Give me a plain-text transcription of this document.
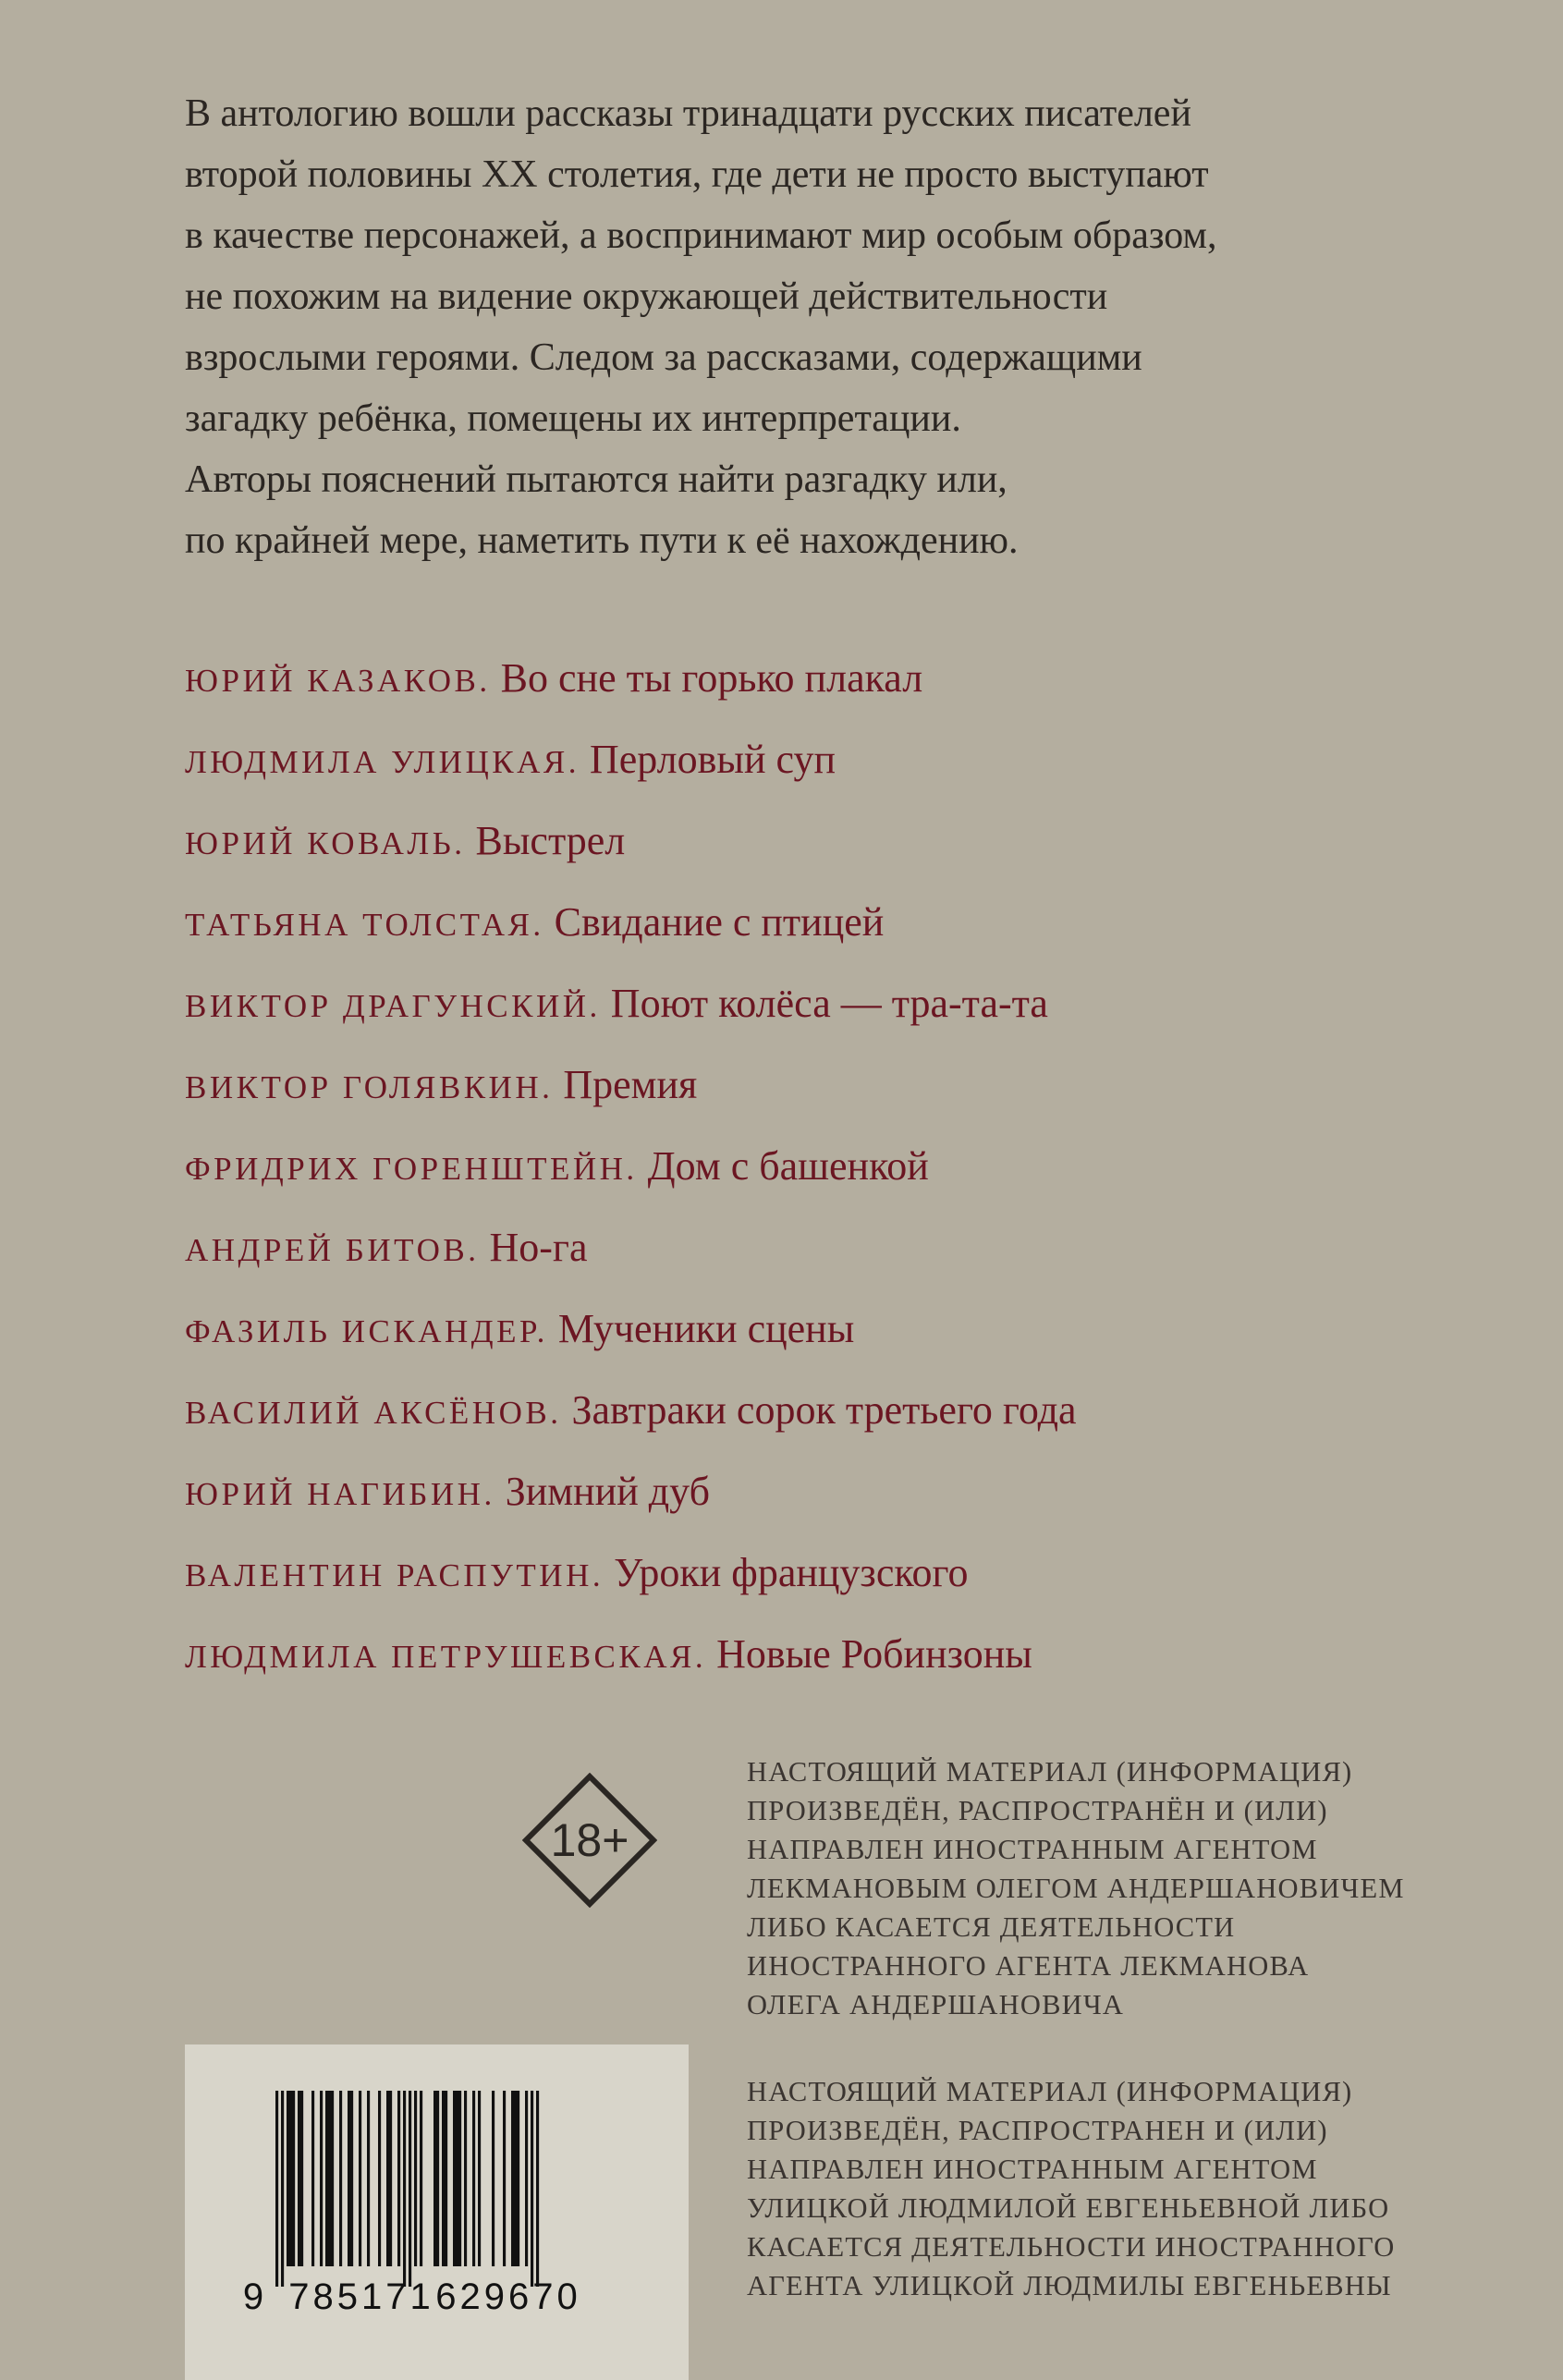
В антологию вошли рассказы тринадцати русских писателей
второй половины XX столетия, где дети не просто выступают
в качестве персонажей, а воспринимают мир особым образом,
не похожим на видение окружающей действительности
взрослыми героями. Следом за рассказами, содержащими
загадку ребёнка, помещены их интерпретации.
Авторы пояснений пытаются найти разгадку или,
по крайней мере, наметить пути к её нахождению.
ЮРИЙ КАЗАКОВ. Во сне ты горько плакал
ЛЮДМИЛА УЛИЦКАЯ. Перловый суп
ЮРИЙ КОВАЛЬ. Выстрел
ТАТЬЯНА ТОЛСТАЯ. Свидание с птицей
ВИКТОР ДРАГУНСКИЙ. Поют колёса — тра-та-та
ВИКТОР ГОЛЯВКИН. Премия
ФРИДРИХ ГОРЕНШТЕЙН. Дом с башенкой
АНДРЕЙ БИТОВ. Но-га
ФАЗИЛЬ ИСКАНДЕР. Мученики сцены
ВАСИЛИЙ АКСЁНОВ. Завтраки сорок третьего года
ЮРИЙ НАГИБИН. Зимний дуб
ВАЛЕНТИН РАСПУТИН. Уроки французского
ЛЮДМИЛА ПЕТРУШЕВСКАЯ. Новые Робинзоны
18+
НАСТОЯЩИЙ МАТЕРИАЛ (ИНФОРМАЦИЯ)
ПРОИЗВЕДЁН, РАСПРОСТРАНЁН И (ИЛИ)
НАПРАВЛЕН ИНОСТРАННЫМ АГЕНТОМ
ЛЕКМАНОВЫМ ОЛЕГОМ АНДЕРШАНОВИЧЕМ
ЛИБО КАСАЕТСЯ ДЕЯТЕЛЬНОСТИ
ИНОСТРАННОГО АГЕНТА ЛЕКМАНОВА
ОЛЕГА АНДЕРШАНОВИЧА
НАСТОЯЩИЙ МАТЕРИАЛ (ИНФОРМАЦИЯ)
ПРОИЗВЕДЁН, РАСПРОСТРАНЕН И (ИЛИ)
НАПРАВЛЕН ИНОСТРАННЫМ АГЕНТОМ
УЛИЦКОЙ ЛЮДМИЛОЙ ЕВГЕНЬЕВНОЙ ЛИБО
КАСАЕТСЯ ДЕЯТЕЛЬНОСТИ ИНОСТРАННОГО
АГЕНТА УЛИЦКОЙ ЛЮДМИЛЫ ЕВГЕНЬЕВНЫ
9 785171 629670
